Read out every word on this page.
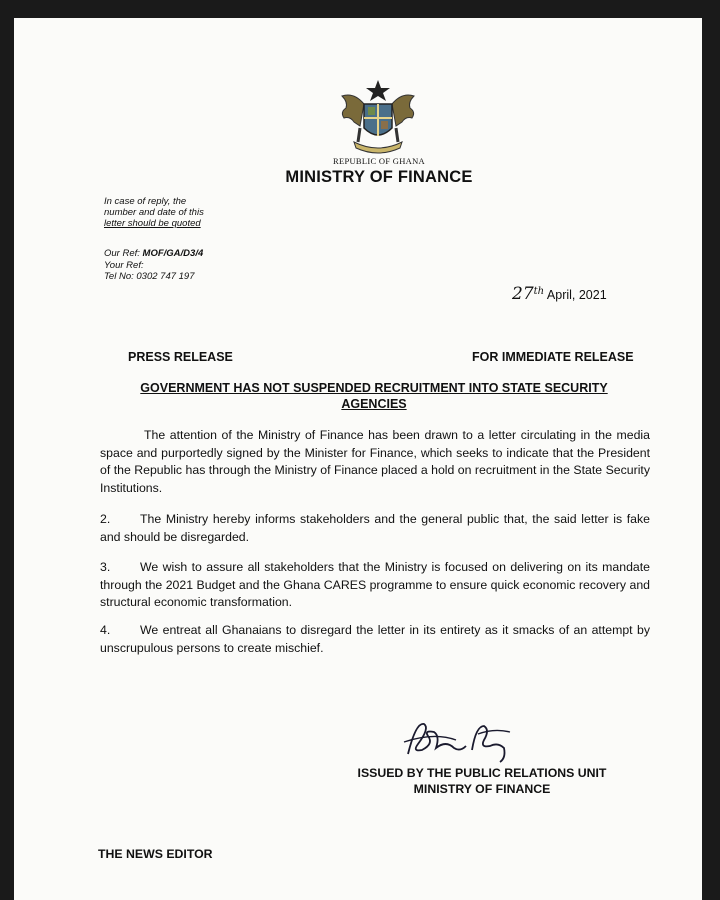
REPUBLIC OF GHANA
MINISTRY OF FINANCE
In case of reply, the
number and date of this
letter should be quoted
Our Ref: MOF/GA/D3/4
Your Ref:
Tel No: 0302 747 197
27th April, 2021
PRESS RELEASE	FOR IMMEDIATE RELEASE
GOVERNMENT HAS NOT SUSPENDED RECRUITMENT INTO STATE SECURITY AGENCIES
The attention of the Ministry of Finance has been drawn to a letter circulating in the media space and purportedly signed by the Minister for Finance, which seeks to indicate that the President of the Republic has through the Ministry of Finance placed a hold on recruitment in the State Security Institutions.
2. The Ministry hereby informs stakeholders and the general public that, the said letter is fake and should be disregarded.
3. We wish to assure all stakeholders that the Ministry is focused on delivering on its mandate through the 2021 Budget and the Ghana CARES programme to ensure quick economic recovery and structural economic transformation.
4. We entreat all Ghanaians to disregard the letter in its entirety as it smacks of an attempt by unscrupulous persons to create mischief.
ISSUED BY THE PUBLIC RELATIONS UNIT
MINISTRY OF FINANCE
THE NEWS EDITOR
